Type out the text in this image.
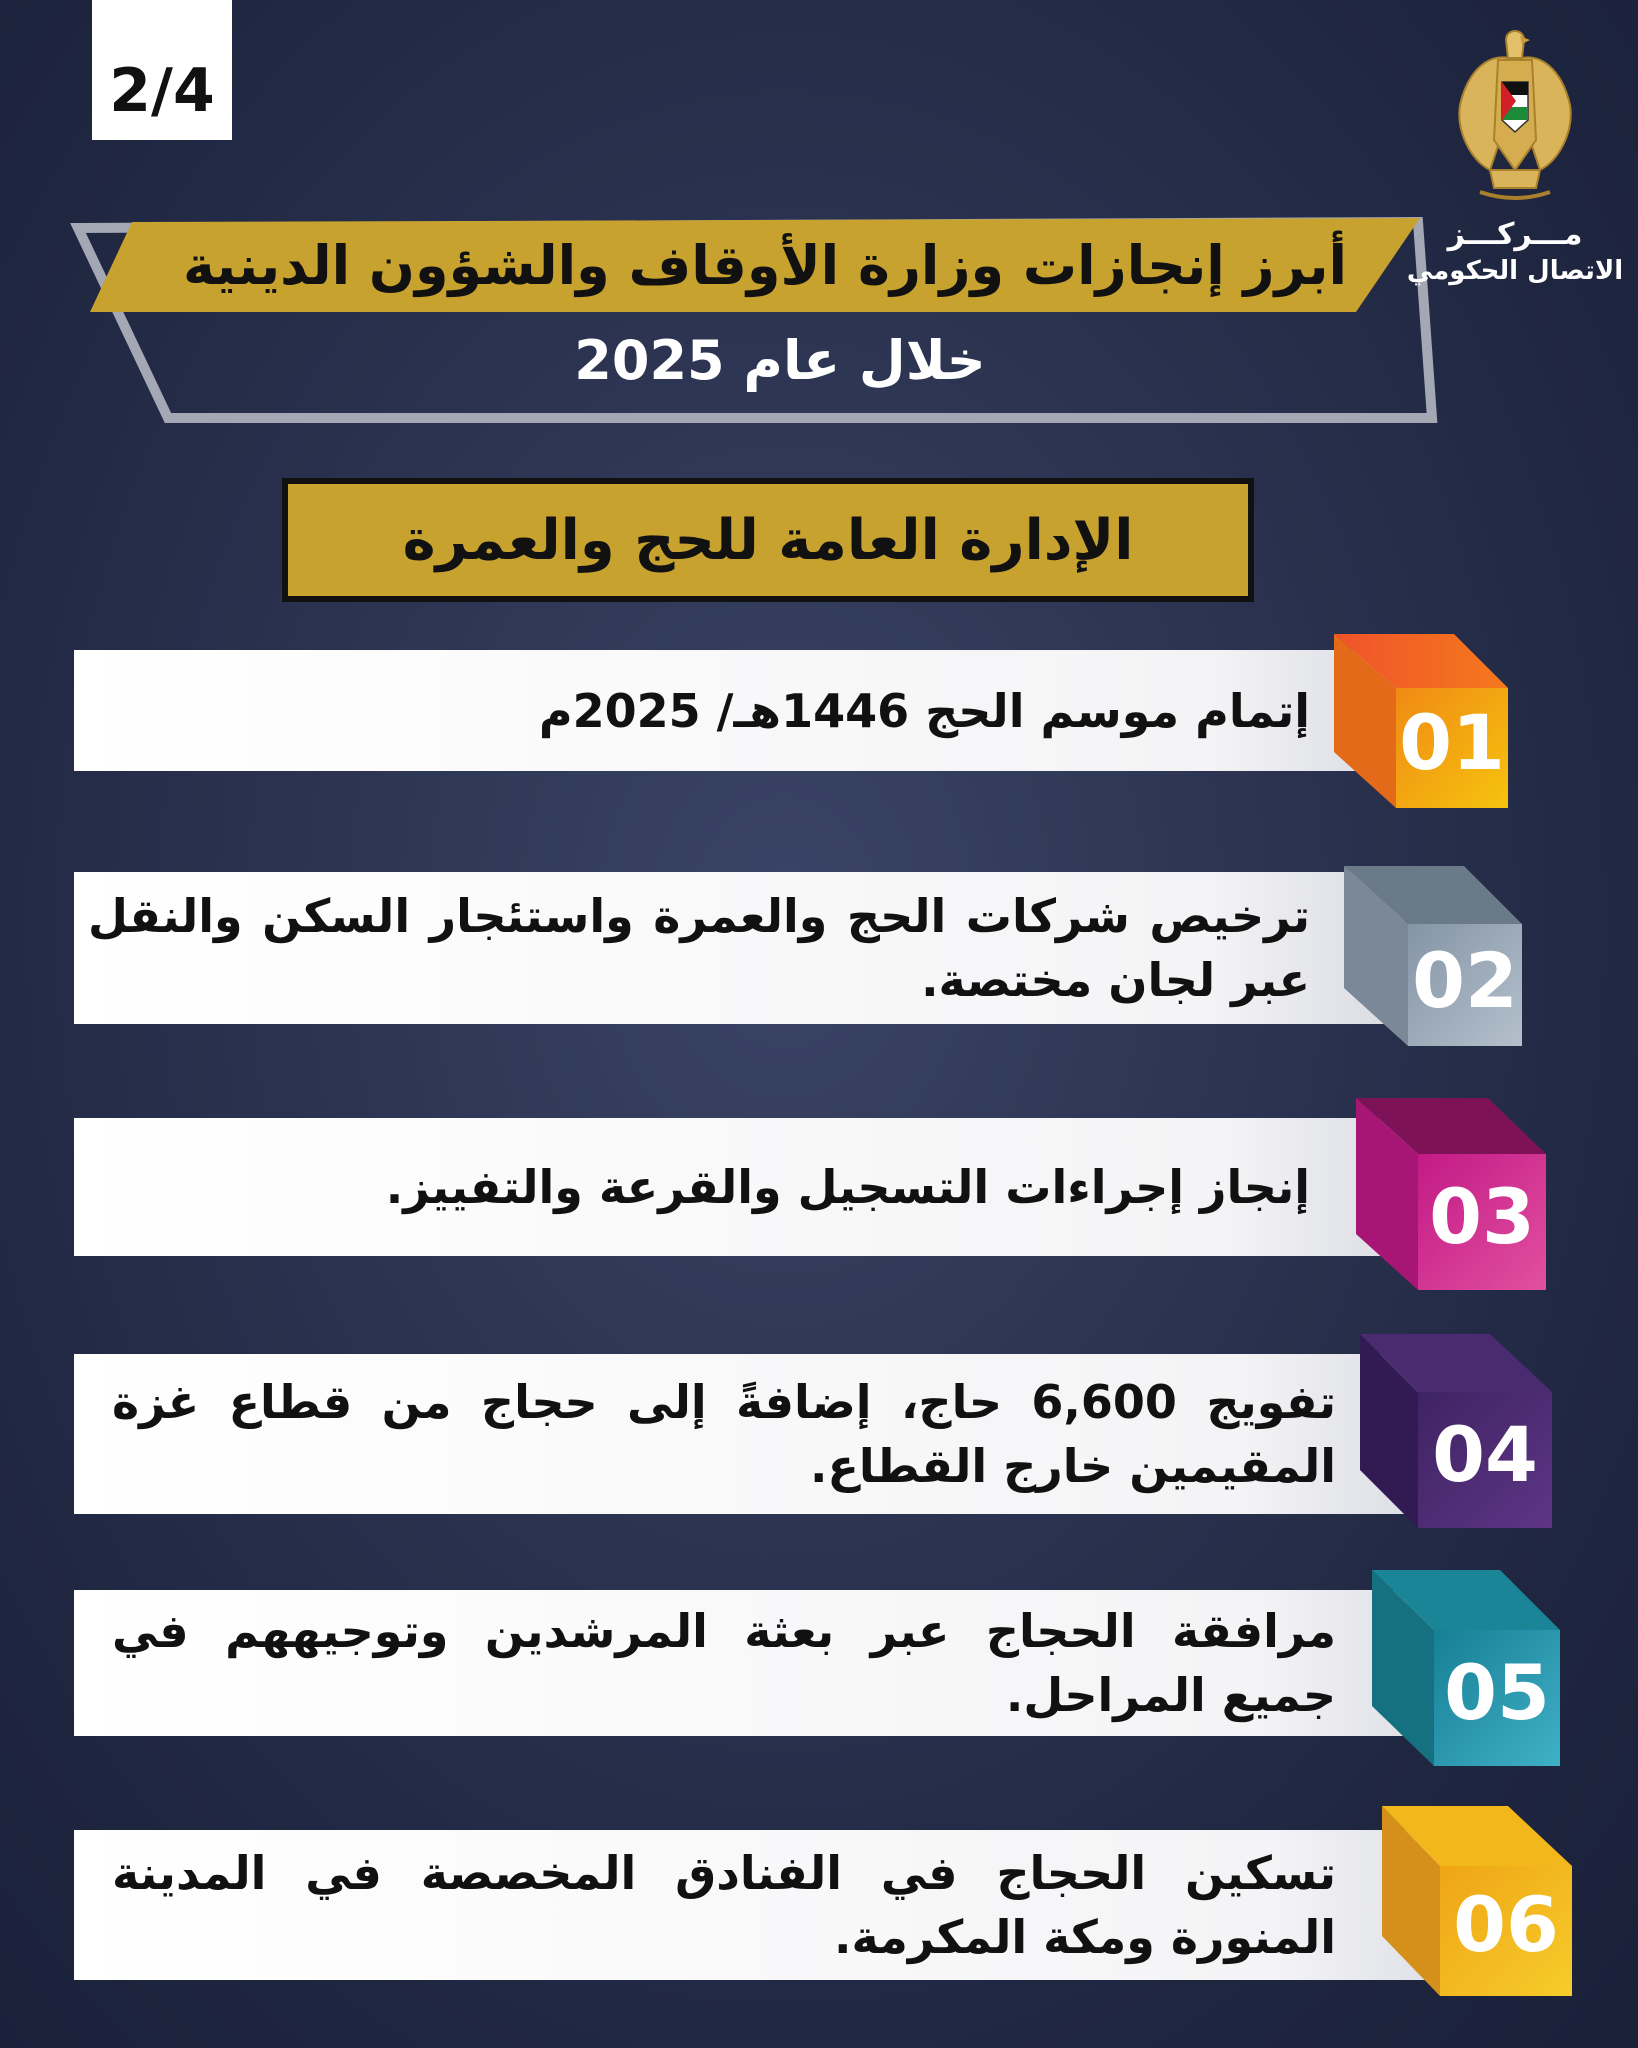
2/4
مـــركـــز
الاتصال الحكومي
أبرز إنجازات وزارة الأوقاف والشؤون الدينية
خلال عام 2025
الإدارة العامة للحج والعمرة
إتمام موسم الحج 1446هـ/ 2025م 01
ترخيص شركات الحج والعمرة واستئجار السكن والنقل عبر لجان مختصة. 02
إنجاز إجراءات التسجيل والقرعة والتفييز. 03
تفويج 6,600 حاج، إضافةً إلى حجاج من قطاع غزة المقيمين خارج القطاع. 04
مرافقة الحجاج عبر بعثة المرشدين وتوجيههم في جميع المراحل. 05
تسكين الحجاج في الفنادق المخصصة في المدينة المنورة ومكة المكرمة. 06
